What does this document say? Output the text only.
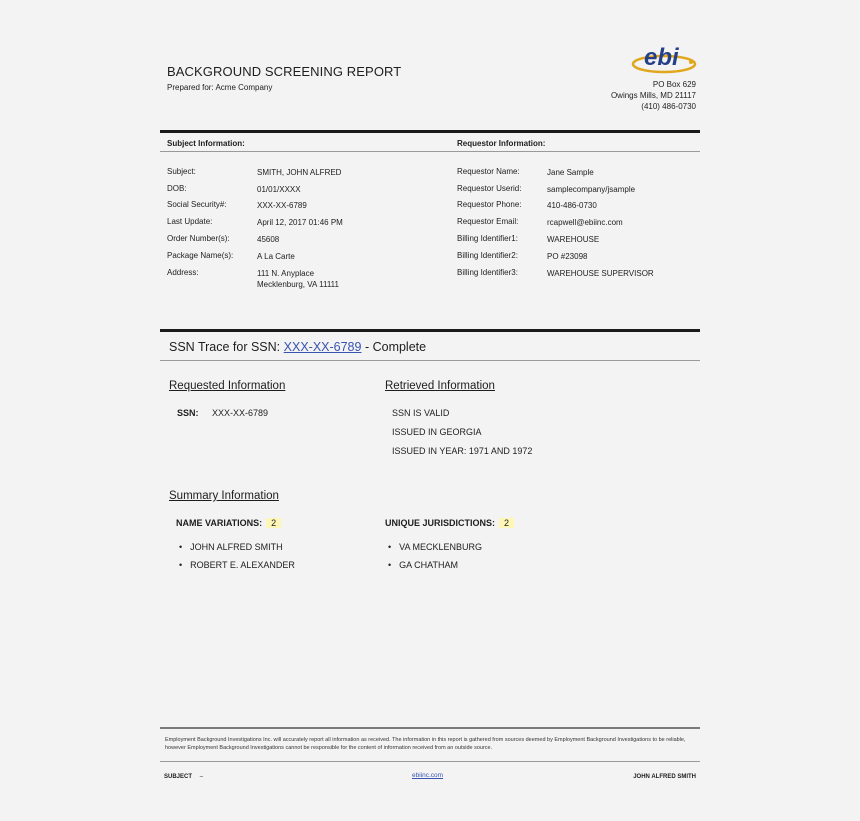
BACKGROUND SCREENING REPORT
Prepared for: Acme Company
ebi
PO Box 629
Owings Mills, MD 21117
(410) 486-0730
Subject Information:	Requestor Information:
Subject:	SMITH, JOHN ALFRED
DOB:	01/01/XXXX
Social Security#:	XXX-XX-6789
Last Update:	April 12, 2017 01:46 PM
Order Number(s):	45608
Package Name(s):	A La Carte
Address:	111 N. Anyplace
Mecklenburg, VA 11111
Requestor Name:	Jane Sample
Requestor Userid:	samplecompany/jsample
Requestor Phone:	410-486-0730
Requestor Email:	rcapwell@ebiinc.com
Billing Identifier1:	WAREHOUSE
Billing Identifier2:	PO #23098
Billing Identifier3:	WAREHOUSE SUPERVISOR
SSN Trace for SSN: XXX-XX-6789 - Complete
Requested Information	Retrieved Information
SSN: XXX-XX-6789	SSN IS VALID
ISSUED IN GEORGIA
ISSUED IN YEAR: 1971 AND 1972
Summary Information
NAME VARIATIONS: 2	UNIQUE JURISDICTIONS: 2
• JOHN ALFRED SMITH
• ROBERT E. ALEXANDER
• VA MECKLENBURG
• GA CHATHAM
Employment Background Investigations Inc. will accurately report all information as received. The information in this report is gathered from sources deemed by Employment Background Investigations to be reliable, however Employment Background Investigations cannot be responsible for the content of information received from an outside source.
SUBJECT –	ebiinc.com	JOHN ALFRED SMITH
